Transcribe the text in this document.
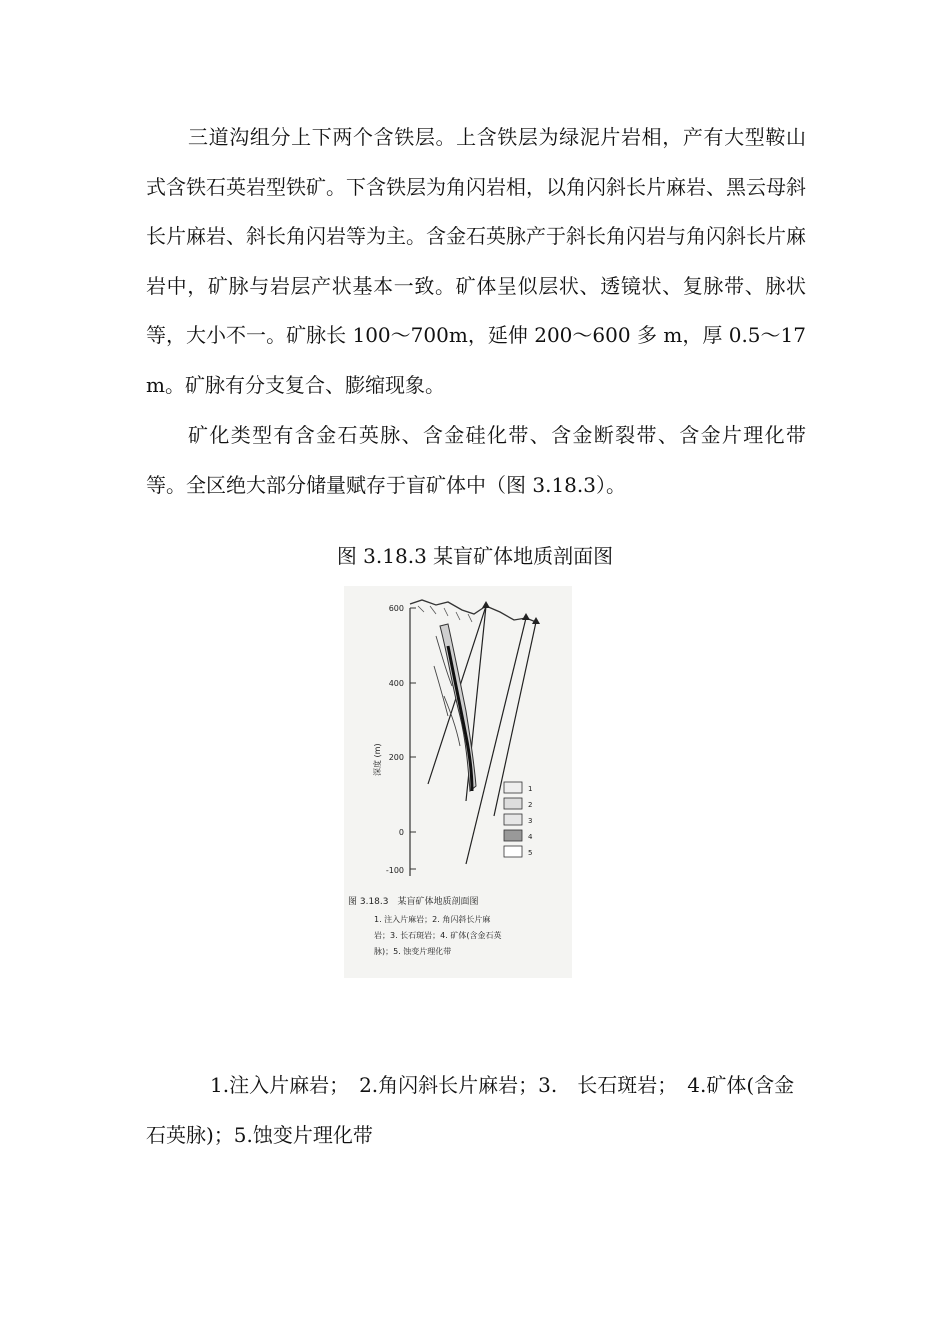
三道沟组分上下两个含铁层。上含铁层为绿泥片岩相，产有大型鞍山式含铁石英岩型铁矿。下含铁层为角闪岩相，以角闪斜长片麻岩、黑云母斜长片麻岩、斜长角闪岩等为主。含金石英脉产于斜长角闪岩与角闪斜长片麻岩中，矿脉与岩层产状基本一致。矿体呈似层状、透镜状、复脉带、脉状等，大小不一。矿脉长 100～700m，延伸 200～600 多 m，厚 0.5～17 m。矿脉有分支复合、膨缩现象。

矿化类型有含金石英脉、含金硅化带、含金断裂带、含金片理化带等。全区绝大部分储量赋存于盲矿体中（图 3.18.3）。

图 3.18.3 某盲矿体地质剖面图

600
400
200
0
-100
深度 (m)
1
2
3
4
5
图 3.18.3　某盲矿体地质剖面图
1. 注入片麻岩；2. 角闪斜长片麻
岩；3. 长石斑岩；4. 矿体(含金石英
脉)；5. 蚀变片理化带

1.注入片麻岩；　2.角闪斜长片麻岩；3.　长石斑岩；　4.矿体(含金石英脉)；5.蚀变片理化带
